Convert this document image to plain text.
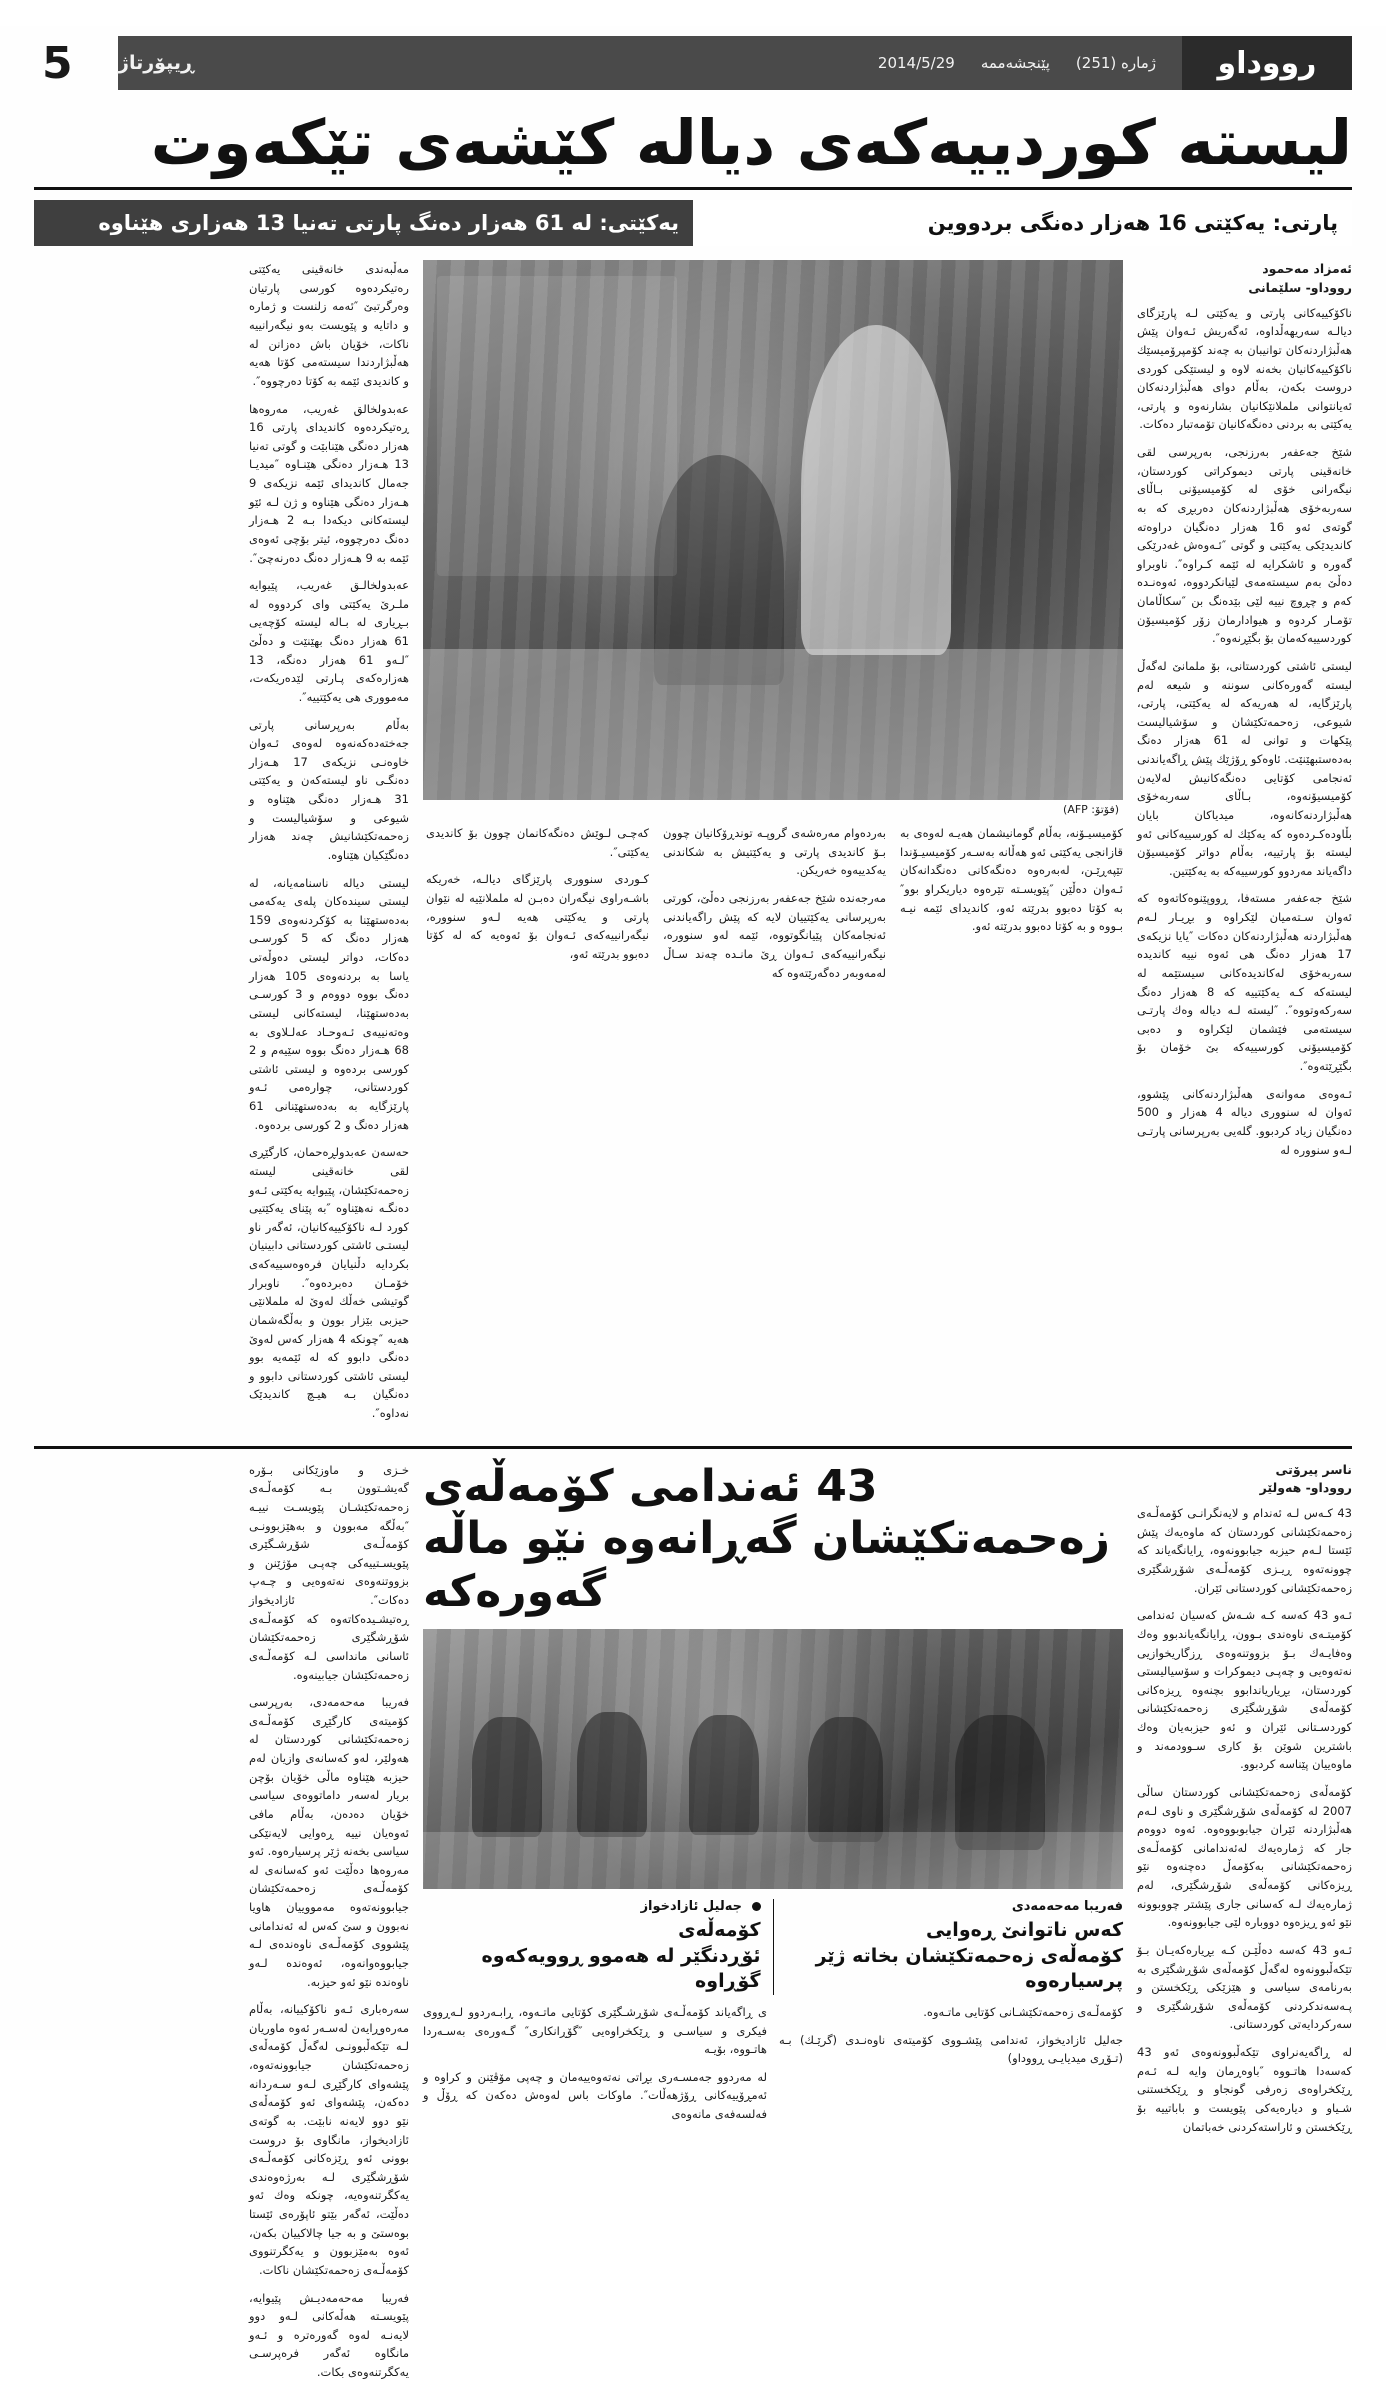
5	رووداو
ژماره (251)
پێنجشەممە
2014/5/29
ڕیپۆرتاژ
لیستە کوردییەکەی دیالە کێشەی تێکەوت
یەکێتی: لە 61 هەزار دەنگ پارتی تەنیا 13 هەزاری هێناوە	پارتی: یەکێتی 16 هەزار دەنگی بردووین
ئەمزاد مەحمود
رووداو- سلێمانی

ناکۆکییەکانی پارتی و یەکێتی لـە پارێزگای دیالـە سەریهەڵداوە، ئەگەریش ئـەوان پێش هەڵبژاردنەکان توانیبان بە چەند کۆمپرۆمیسێك ناکۆکییەکانیان بخەنە لاوە و لیستێکی کوردی دروست بکەن، بەڵام دوای هەڵبژاردنەکان ئەیانتوانی ململانێکانیان بشارنەوە و پارتی، یەکێتی بە بردنی دەنگەکانیان تۆمەتبار دەکات.

شێخ جەعفەر بەرزنجی، بەرپرسی لقی خانەقینی پارتی دیموکراتی کوردستان، نیگەرانی خۆی لە کۆمیسیۆنی بـاڵای سەربەخۆی هەڵبژاردنەکان دەربڕی کە بە گوتەی ئەو 16 هەزار دەنگیان دراوەتە کاندیدێکی یەکێتی و گوتی ″ئـەوەش غەدرێکی گەورە و ئاشکرایە لە ئێمە کـراوە″. ناوبراو دەڵێ بەم سیستەمەی لێیانکردووە، ئەوەنـدە کەم و چڕوچ نییە لێی بێدەنگ بن ″سکاڵامان تۆمـار کردوە و هیوادارمان زۆر کۆمیسیۆن کوردسییەکەمان بۆ بگێڕنەوە″.

لیستی ئاشتی کوردستانی، بۆ ملمانێ لەگەڵ لیستە گەورەکانی سوننە و شیعە لەم پارێزگایە، لە هەریەکە لە یەکێتی، پارتی، شیوعی، زەحمەتکێشان و سۆشیالیست پێکهات و توانی لە 61 هەزار دەنگ بەدەستبهێنێت. ئاوەکو ڕۆژێك پێش ڕاگەیاندنی ئەنجامی کۆتایی دەنگەکانیش لەلایەن کۆمیسیۆنەوە، بـاڵای سەربەخۆی هەڵبژاردنەکانەوە، میدیاکان بایان بڵاودەکـردەوە کە یەکێك لە کورسییەکانی ئەو لیستە بۆ پارتییە، بەڵام دواتر کۆمیسیۆن داگەیاند مەردوو کورسییەکە بە یەکێتین.

شێخ جەعفەر مستەفا، ڕووپێنوەکاتەوە کە ئەوان سـتەمیان لێکراوە و بڕیـار لـەم هەڵبژاردنە هەڵبژاردنەکان دەکات ″یایا نزیکەی 17 هەزار دەنگ هی ئەوە نییە کاندیدە سەربەخۆی لەکاندیدەکانی سیستێمە لە لیستەکە کـە یەکێتییە کە 8 هەزار دەنگ سەرکەوتووە″. ″لیستە لـە دیالە وەك پارتـی سیستەمی فێشمان لێکراوە و دەبی کۆمیسیۆنی کورسییەکە بێ خۆمان بۆ بگێڕێتەوە″.

ئـەوەی مەوانەی هەڵبژاردنەکانی پێشوو، ئەوان لە سنووری دیالە 4 هەزار و 500 دەنگیان زیاد کردبوو. گلەیی بەرپرسانی پارتـی لـەو سنوورە لە

(فۆتۆ: AFP)

کۆمیسیـۆنە، بەڵام گومانیشمان هەیـە لەوەی بە قازانجی یەکێتی ئەو هەڵانە بەسـەر کۆمیسیـۆندا تێپەڕێـن، لەبەرەوە دەنگەکانی دەنگدانەکان ئـەوان دەڵێن ″پێویسـتە تێرەوە دیاریکراو بوو″ بە کۆتا دەبوو بدرێتە ئەو، کاندیدای ئێمە نیـە بـووە و بە کۆتا دەبوو بدرێتە ئەو.

بەردەوام مەرەشەی گروپـە توندڕۆکانیان چوون بـۆ کاندیدی پارتی و یەکێتیش بە شکاندنی یەکدییەوە خەریکن.

مەرجەندە شێخ جەعفەر بەرزنجی دەڵێ، کورتی بەرپرسانی یەکێتییان لایە کە پێش راگەیاندنی ئەنجامەکان پێیانگوتووە، ئێمە لەو سنوورە، نیگەرانییەکەی ئـەوان ڕێ مانـدە چەند سـاڵ لەمەوبەر دەگەرێتەوە کە

کەچـی لـوێش دەنگەکانمان چوون بۆ کاندیدی یەکێتی″.

کـوردی سنووری پارێزگای دیالـە، خەریکە باشـەراوی نیگەران دەبـن لە ململانێیە لە نێوان پارتی و یەکێتی هەیە لـەو سنوورە، نیگەرانییەکەی ئـەوان بۆ ئەوەیە کە لە کۆتا دەبوو بدرێتە ئەو،

مەڵبەندی خانەقینی یەکێتی رەتیکردەوە کورسی پارتیان وەرگرتبێ ″ئەمە زلنست و ژمارە و داتایە و پێویست بەو نیگەرانییە ناکات، خۆیان باش دەزانن لە هەڵبژاردندا سیستەمی کۆتا هەیە و کاندیدی ئێمە بە کۆتا دەرچووە″.

عەبدولخالق غەریب، مەروەها ڕەتیکردەوە کاندیدای پارتی 16 هەزار دەنگی هێنابێت و گوتی تەنیا 13 هـەزار دەنگی هێنـاوە ″میدیـا جەمال کاندیدای ئێمە نزیکەی 9 هـەزار دەنگی هێناوە و ژن لـە ئێو لیستەکانی دیکەدا بـە 2 هـەزار دەنگ دەرچووە، ئیتر بۆچی ئەوەی ئێمە بە 9 هـەزار دەنگ دەرنەچێ″.

عەبدولخالـق غەریب، پێیوایە ملـرێ یەکێتی وای کردووە لە بـڕیاری لە بـالە لیستە کۆچەیی 61 هەزار دەنگ بهێنێت و دەڵێ ″لـەو 61 هەزار دەنگە، 13 هەزارەکەی پـارتی لێدەریکەت، مەمووری هی یەکێتییە″.

بەڵام بەرپرسانی پارتی جەختەدەکەنەوە لەوەی ئـەوان خاوەنـی نزیکەی 17 هـەزار دەنگـی ناو لیستەکەن و یەکێتی 31 هـەزار دەنگی هێناوە و شیوعی و سۆشیالیست و زەحمەتکێشانیش چەند هەزار دەنگێکیان هێناوە.

لیستی دیالە ناسنامەیانە، لە لیستی سیندەکان پلەی یەکەمی بەدەستهێنا بە کۆکردنەوەی 159 هەزار دەنگ کە 5 کورسـی دەکات، دواتر لیستی دەوڵەتی یاسا بە بردنەوەی 105 هەزار دەنگ بووە دووەم و 3 کورسـی بەدەستهێنا، لیستەکانی لیستی وەتەنییەی ئـەوحـاد عەلـلاوی بە 68 هـەزار دەنگ بووە سێیەم و 2 کورسی بردەوە و لیستی ئاشتی کوردستانی، چوارەمی ئـەو پارێزگایە بە بەدەستهێنانی 61 هەزار دەنگ و 2 کورسی بردەوە.

حەسەن عەبدولڕەحمان، کارگێڕی لقی خانەقینی لیستە زەحمەتکێشان، پێیوایە یەکێتی ئـەو دەنگـە نەهێناوە ″بە پێنای یەکێتیی کورد لـە ناکۆکییەکانیان، ئەگەر ناو لیستـی ئاشتی کوردستانی دابینیان بکردایە دڵنیایان فرەوەسییەکەی خۆمـان دەبردەوە″. ناوبرار گوتیشی خەڵك لەوێ لە ململانێی حیزبی بێزار بوون و بەڵگەشمان هەیە ″چونکە 4 هەزار کەس لەوێ دەنگی دابوو کە لە ئێمەیە بوو لیستی ئاشتی کوردستانی دابوو و دەنگیان بـە هیـچ کاندیدێک نەداوە″.

ناسر پیرۆتی
رووداو- هەولێر

43 کـەس لـە ئەندام و لایەنگرانـی کۆمەڵـەی زەحمەتکێشانی کوردستان کە ماوەیەك پێش ئێستا لـەم حیزبە جیابوونەوە، ڕایانگەیاند کە چوونەتەوە ڕیـزی کۆمەڵـەی شۆڕشگێری زەحمەتکێشانی کوردستانی ئێران.

ئـەو 43 کەسە کـە شـەش کەسیان ئەندامی کۆمیتـەی ناوەندی بـوون، ڕایانگەیاندبوو وەك وەفایـەك بـۆ بزووتنەوەی ڕزگاریخوازیی نەتەوەیی و چەپـی دیموکرات و سۆسیالیستی کوردستان، بڕیاریاندابوو بچنەوە ڕیزەکانی کۆمەڵەی شۆڕشگێری زەحمەتکێشانی کوردسـتانی ئێران و ئەو حیزبەیان وەك باشترین شوێن بۆ کاری سـوودمەند و ماوەییان پێناسە کردبوو.

کۆمەڵەی زەحمەتکێشانی کوردستان ساڵی 2007 لە کۆمەڵەی شۆڕشگێری و ناوی لـەم هەڵبژاردنە ئێران جیابوبووەوە. ئەوە دووەم جار کە ژمارەیەك لەئەندامانی کۆمەڵـەی زەحمەتکێشانی بەکۆمەڵ دەچنەوە نێو ڕیزەکانی کۆمەڵەی شۆڕشگێری، لەم ژمارەیەك لـە کەسانی جاری پێشتر چووبوونە نێو ئەو ڕیزەوە دووبارە لێی جیابوونەوە.

ئـەو 43 کەسە دەڵێـن کـە بڕیارەکەیـان بـۆ تێکەڵبوونەوە لەگەڵ کۆمەڵەی شۆڕشگێری بە بەرنامەی سیاسی و هێزێکی ڕێکخستن و پـەسەندکردنی کۆمەڵەی شۆڕشگێری و سەرکردایەتی کوردستانی.

لە ڕاگەیەنراوی تێکەڵبوونەوەی ئەو 43 کەسەدا هاتـووە ″باوەڕمان وایە لـە ئـەم ڕێکخراوەی زەرفی گونجاو و ڕێکخستنی شـیاو و دیارەیەکی پێویست و باباتییە بۆ ڕێکخستن و ئاراستەکردنی خەباتمان

43 ئەندامی کۆمەڵەی زەحمەتکێشان گەڕانەوە نێو ماڵە گەورەکە
فەریبا مەحەمەدی
کەس ناتوانێ ڕەوایی
کۆمەڵەی زەحمەتکێشان بخاتە ژێر پرسیارەوە
جەلیل ئازادخواز
کۆمەڵەی
ئۆڕدنگێر لە هەموو ڕوویەکەوە گۆڕاوە

کۆمەڵـەی زەحمەتکێشـانی کۆتایی ماتـەوە.

جەلیل ئازادیخواز، ئەندامی پێشـووی کۆمیتەی ناوەنـدی (گرێـك) بـە (تـۆڕی میدیایـی ڕووداو)

ی ڕاگەیاند کۆمەڵـەی شۆڕشـگێری کۆتایی ماتـەوە، ڕابـەردوو لـەڕووی فیکری و سیاسـی و ڕێکخراوەیی ″گۆڕانکاری″ گـەورەی بەسـەردا هاتـووە، بۆیـە

لە مەردوو جەمسـەری بڕاتی نەتەوەییەمان و چەپی مۆڤێنن و کراوە و ئەمڕۆییەکانی ڕۆژهەڵات″. ماوکات باس لەوەش دەکەن کە ڕۆڵ و فەلسەفەی مانەوەی

خـزی و ماوزێکانی بـۆرە گەیشـتوون بـە کۆمەڵـەی زەحمەتکێشـان پێویسـت نییـە ″بەڵگە مەبوون و بەهێزبوونـی کۆمەڵـەی شۆڕشـگێری پێویسـتییەکی چەپـی مۆژێنن و بزووتنەوەی نەتەوەیی و چـەپ دەکات″. ئازادیخواز ڕەتیشـیدەکاتەوە کە کۆمەڵـەی شۆڕشگێری زەحمەتکێشان ئاسانی مانداسی لـە کۆمەڵـەی زەحمەتکێشان جیابینەوە.

فەریبا مەحەمەدی، بەرپرسی کۆمیتەی کارگێڕی کۆمەڵـەی زەحمەتکێشانی کوردستان لە هەولێر، لەو کەسانەی وازیان لەم حیزبە هێناوە ماڵی خۆیان بۆچن بریار لەسەر داماتووەی سیاسی خۆیان دەدەن، بەڵام مافی ئەوەیان نییە ڕەوایی لایەنێکی سیاسی بخەنە ژێر پرسیارەوە. ئەو مەروەها دەڵێت ئەو کەسانەی لە کۆمەڵـەی زەحمەتکێشان جیابوونەتەوە مەمووییان هاویا نەبوون و سێ کەس لە ئەندامانی پێشووی کۆمەڵـەی ناوەندەی لـە جیابووەوانەوە، ئەوەندە لـەو ناوەندە نێو ئەو حیزبە.

سەرەباری ئـەو ناکۆکییانە، بەڵام مەرەوڕایەن لەسـەر ئەوە ماوریان لـە تێکەڵبوونـی لەگەڵ کۆمەڵەی زەحمەتکێشان جیابوونەتەوە، پێشەوای کارگێڕی لـەو سـەردانە دەکەن، پێشەوای ئەو کۆمەڵەی نێو دوو لایەنە نابێت. بە گوتەی ئازادیخواز، مانگاوی بۆ دروست بوونی ئەو ڕێزەکانی کۆمەڵـەی شۆڕشگێری لـە بەرژەوەندی یەکگرتنەوەیە، چونکە وەك ئەو دەڵێت، ئەگەر بێتو ئاپۆرەی ئێستا بوەستێ و بە جیا چالاکییان بکەن، ئەوە بەمێزبوون و یەکگرتنووی کۆمەڵـەی زەحمەتکێشان ناکات.

فەریبا مەحەمەدیـش پێیوایە، پێویسـتە هەڵەکانی لـەو دوو لایەنـە لەوە گەورەترە و ئـەو مانگاوە ئەگەر فرەپرسـی یەکگرتنەوەی بکات.
